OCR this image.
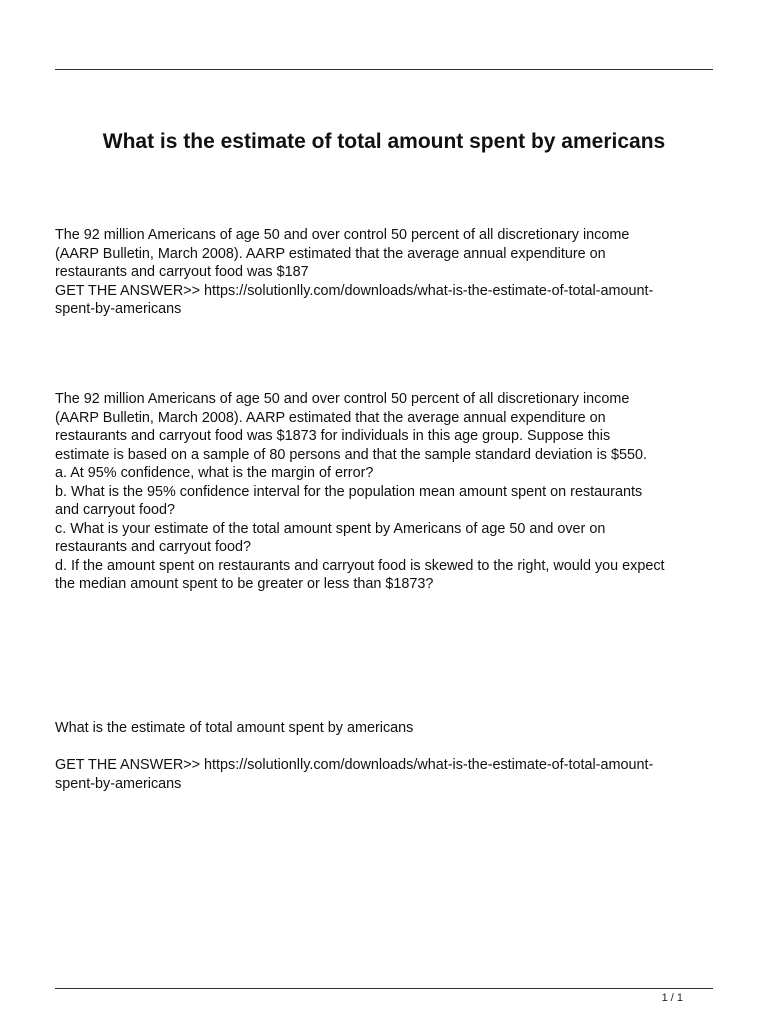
What is the estimate of total amount spent by americans
The 92 million Americans of age 50 and over control 50 percent of all discretionary income
(AARP Bulletin, March 2008). AARP estimated that the average annual expenditure on
restaurants and carryout food was $187
GET THE ANSWER>> https://solutionlly.com/downloads/what-is-the-estimate-of-total-amount-
spent-by-americans
The 92 million Americans of age 50 and over control 50 percent of all discretionary income
(AARP Bulletin, March 2008). AARP estimated that the average annual expenditure on
restaurants and carryout food was $1873 for individuals in this age group. Suppose this
estimate is based on a sample of 80 persons and that the sample standard deviation is $550.
a. At 95% confidence, what is the margin of error?
b. What is the 95% confidence interval for the population mean amount spent on restaurants
and carryout food?
c. What is your estimate of the total amount spent by Americans of age 50 and over on
restaurants and carryout food?
d. If the amount spent on restaurants and carryout food is skewed to the right, would you expect
the median amount spent to be greater or less than $1873?
What is the estimate of total amount spent by americans
GET THE ANSWER>> https://solutionlly.com/downloads/what-is-the-estimate-of-total-amount-
spent-by-americans
1 / 1
